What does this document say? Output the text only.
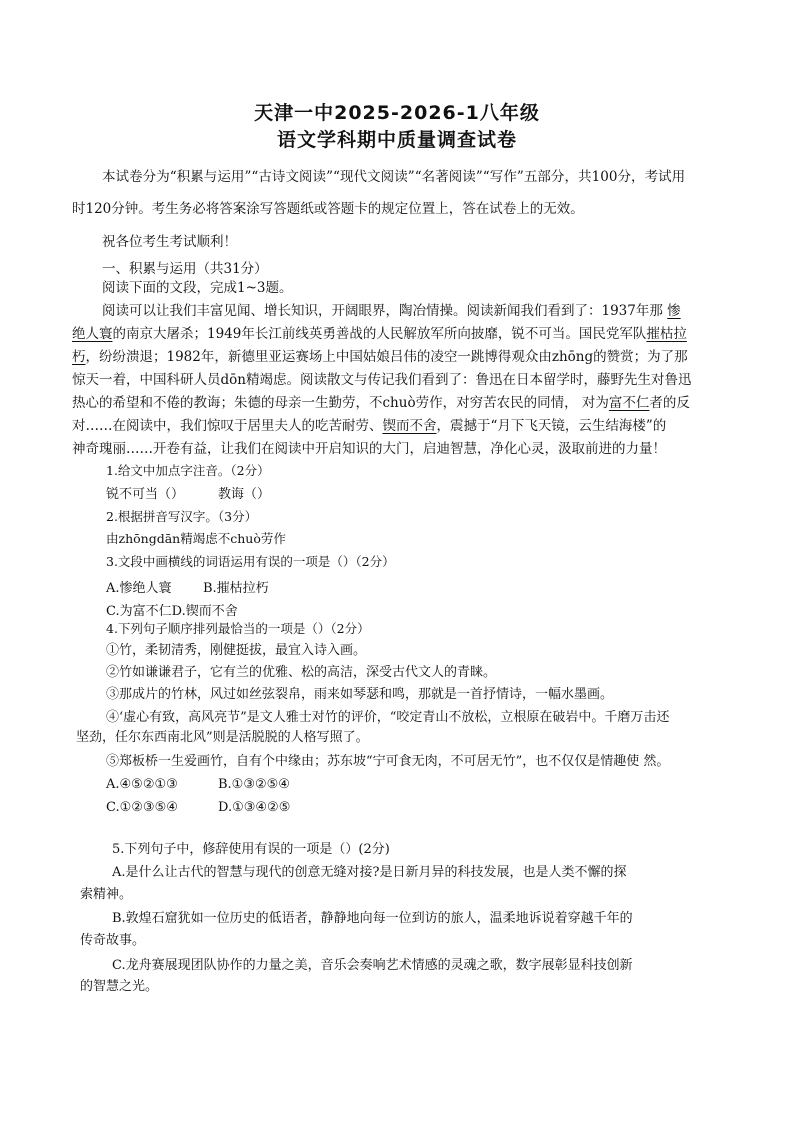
天津一中2025-2026-1八年级
语文学科期中质量调查试卷
本试卷分为“积累与运用”“古诗文阅读”“现代文阅读”“名著阅读”“写作”五部分，共100分，考试用
时120分钟。考生务必将答案涂写答题纸或答题卡的规定位置上，答在试卷上的无效。
祝各位考生考试顺利！
一、积累与运用（共31分）
阅读下面的文段，完成1~3题。
阅读可以让我们丰富见闻、增长知识，开阔眼界，陶冶情操。阅读新闻我们看到了：1937年那 惨
绝人寰的南京大屠杀；1949年长江前线英勇善战的人民解放军所向披靡，锐不可当。国民党军队摧枯拉
朽，纷纷溃退；1982年，新德里亚运赛场上中国姑娘吕伟的凌空一跳博得观众由zhōng的赞赏；为了那
惊天一着，中国科研人员dōn精竭虑。阅读散文与传记我们看到了：鲁迅在日本留学时，藤野先生对鲁迅
热心的希望和不倦的教诲；朱德的母亲一生勤劳，不chuò劳作，对穷苦农民的同情， 对为富不仁者的反
对……在阅读中，我们惊叹于居里夫人的吃苦耐劳、锲而不舍，震撼于“月下飞天镜，云生结海楼”的
神奇瑰丽……开卷有益，让我们在阅读中开启知识的大门，启迪智慧，净化心灵，汲取前进的力量！
1.给文中加点字注音。（2分）
锐不可当（）	教诲（）
2.根据拼音写汉字。（3分）
由zhōngdān精竭虑不chuò劳作
3.文段中画横线的词语运用有误的一项是（）（2分）
A.惨绝人寰 B.摧枯拉朽
C.为富不仁D.锲而不舍
4.下列句子顺序排列最恰当的一项是（）（2分）
①竹，柔韧清秀，刚健挺拔，最宜入诗入画。
②竹如谦谦君子，它有兰的优雅、松的高洁，深受古代文人的青睐。
③那成片的竹林，风过如丝弦裂帛，雨来如琴瑟和鸣，那就是一首抒情诗，一幅水墨画。
④‘虚心有致，高风亮节”是文人雅士对竹的评价，“咬定青山不放松，立根原在破岩中。千磨万击还
坚劲，任尔东西南北风”则是活脱脱的人格写照了。
⑤郑板桥一生爱画竹，自有个中缘由；苏东坡“宁可食无肉，不可居无竹”，也不仅仅是情趣使 然。
A.④⑤②①③	B.①③②⑤④
C.①②③⑤④	D.①③④②⑤
5.下列句子中，修辞使用有误的一项是（）(2分)
A.是什么让古代的智慧与现代的创意无缝对接?是日新月异的科技发展，也是人类不懈的探
索精神。
B.敦煌石窟犹如一位历史的低语者，静静地向每一位到访的旅人，温柔地诉说着穿越千年的
传奇故事。
C.龙舟赛展现团队协作的力量之美，音乐会奏响艺术情感的灵魂之歌，数字展彰显科技创新
的智慧之光。
